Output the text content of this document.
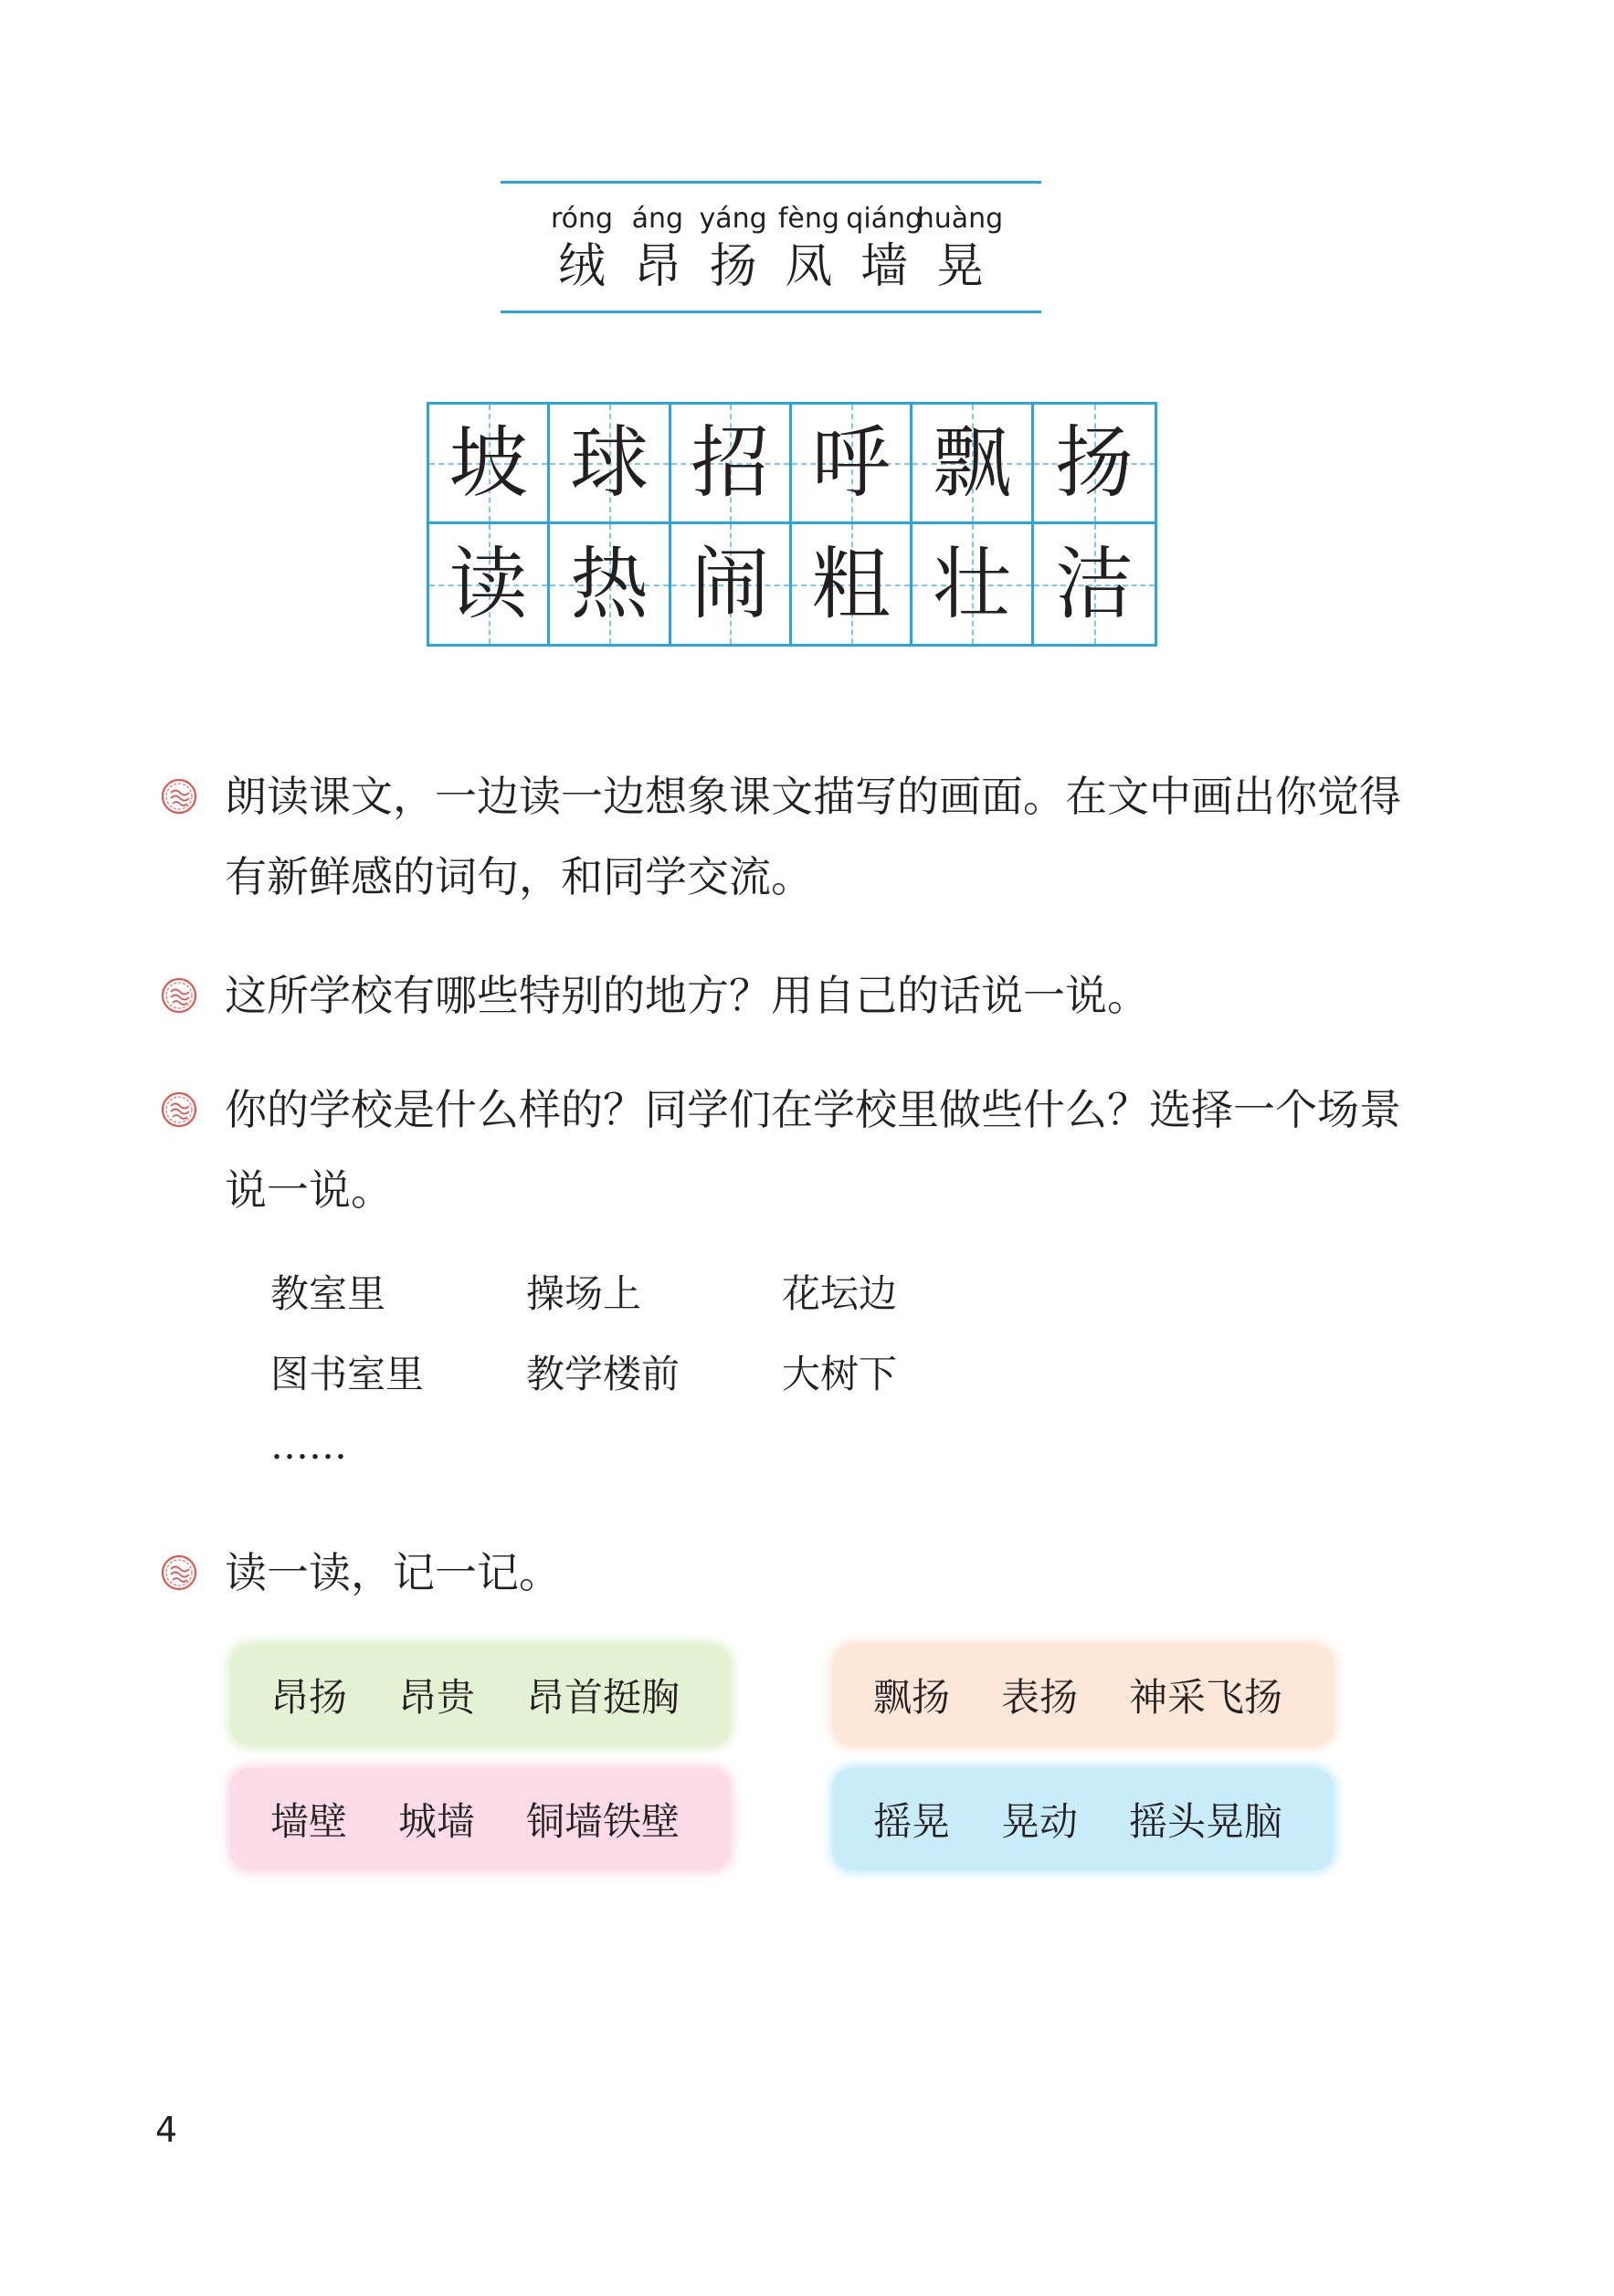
róng
绒
áng
昂
yáng
扬
fèng
凤
qiáng
墙
huàng
晃
坡 球 招 呼 飘 扬
读 热 闹 粗 壮 洁
朗读课文，一边读一边想象课文描写的画面。在文中画出你觉得
有新鲜感的词句，和同学交流。
这所学校有哪些特别的地方？用自己的话说一说。
你的学校是什么样的？同学们在学校里做些什么？选择一个场景
说一说。
教室里	操场上	花坛边
图书室里	教学楼前	大树下
……
读一读，记一记。
昂扬	昂贵	昂首挺胸	飘扬	表扬	神采飞扬
墙壁	城墙	铜墙铁壁	摇晃	晃动	摇头晃脑
4
